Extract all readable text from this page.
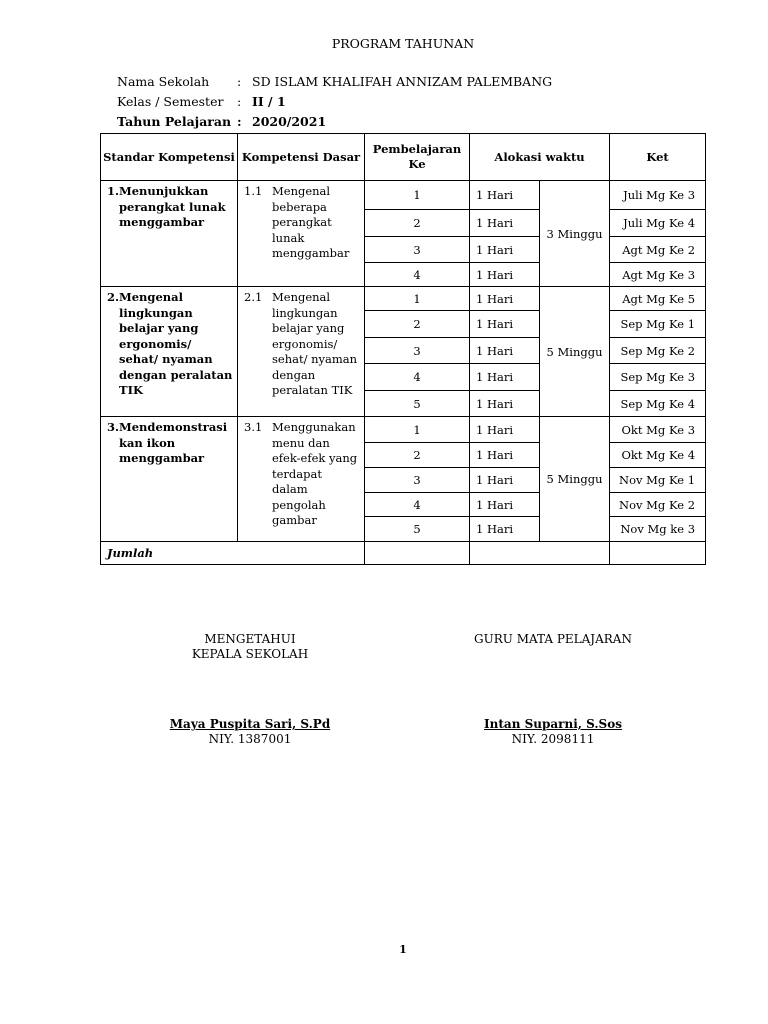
PROGRAM TAHUNAN
Nama Sekolah : SD ISLAM KHALIFAH ANNIZAM PALEMBANG
Kelas / Semester : II / 1
Tahun Pelajaran : 2020/2021
Standar Kompetensi	Kompetensi Dasar	Pembelajaran Ke	Alokasi waktu		Ket

1. Menunjukkan perangkat lunak menggambar	1.1 Mengenal beberapa perangkat lunak menggambar	1	1 Hari	3 Minggu	Juli Mg Ke 3
		2	1 Hari		Juli Mg Ke 4
		3	1 Hari		Agt Mg Ke 2
		4	1 Hari		Agt Mg Ke 3

2. Mengenal lingkungan belajar yang ergonomis/ sehat/ nyaman dengan peralatan TIK	2.1 Mengenal lingkungan belajar yang ergonomis/ sehat/ nyaman dengan peralatan TIK	1	1 Hari	5 Minggu	Agt Mg Ke 5
		2	1 Hari		Sep Mg Ke 1
		3	1 Hari		Sep Mg Ke 2
		4	1 Hari		Sep Mg Ke 3
		5	1 Hari		Sep Mg Ke 4

3. Mendemonstrasi kan ikon menggambar	3.1 Menggunakan menu dan efek-efek yang terdapat dalam pengolah gambar	1	1 Hari	5 Minggu	Okt Mg Ke 3
		2	1 Hari		Okt Mg Ke 4
		3	1 Hari		Nov Mg Ke 1
		4	1 Hari		Nov Mg Ke 2
		5	1 Hari		Nov Mg ke 3
Jumlah					
MENGETAHUI
KEPALA SEKOLAH
Maya Puspita Sari, S.Pd
NIY. 1387001
GURU MATA PELAJARAN
Intan Suparni, S.Sos
NIY. 2098111
1
